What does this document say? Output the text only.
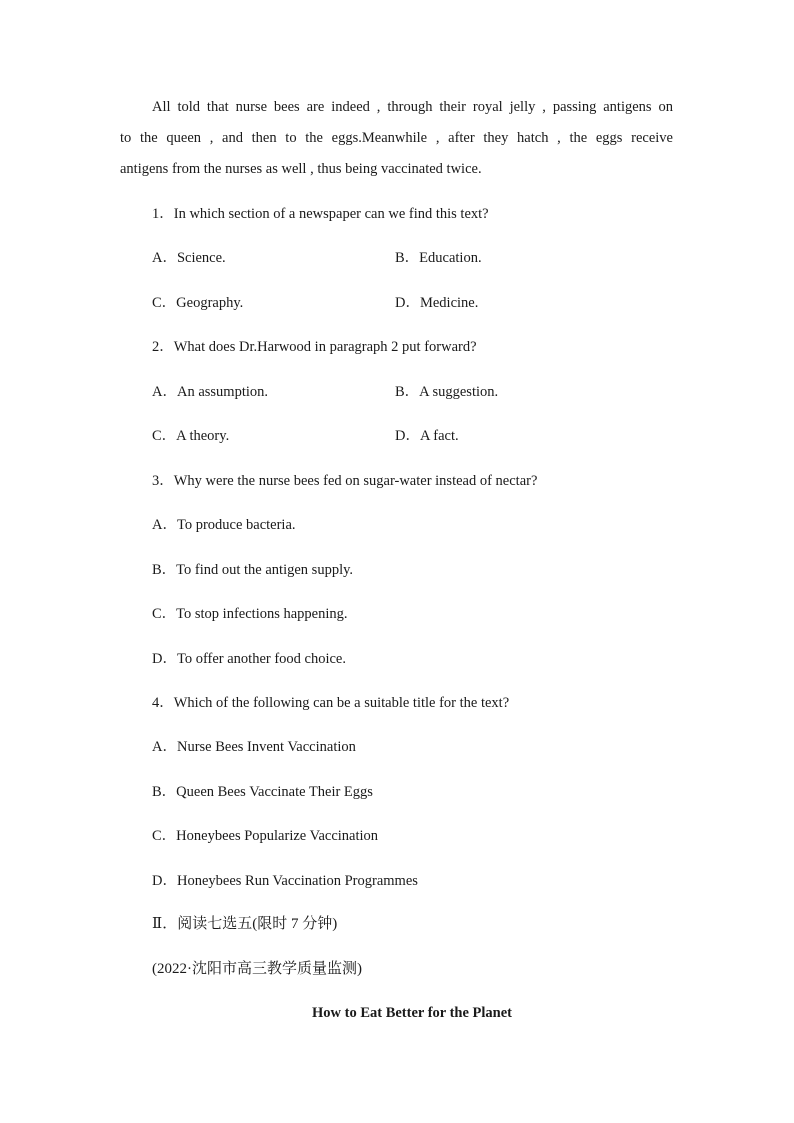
All told that nurse bees are indeed , through their royal jelly , passing antigens on
to the queen , and then to the eggs.Meanwhile , after they hatch , the eggs receive
antigens from the nurses as well , thus being vaccinated twice.
1．In which section of a newspaper can we find this text?
A．Science.	B．Education.
C．Geography.	D．Medicine.
2．What does Dr.Harwood in paragraph 2 put forward?
A．An assumption.	B．A suggestion.
C．A theory.	D．A fact.
3．Why were the nurse bees fed on sugar-water instead of nectar?
A．To produce bacteria.
B．To find out the antigen supply.
C．To stop infections happening.
D．To offer another food choice.
4．Which of the following can be a suitable title for the text?
A．Nurse Bees Invent Vaccination
B．Queen Bees Vaccinate Their Eggs
C．Honeybees Popularize Vaccination
D．Honeybees Run Vaccination Programmes
Ⅱ．阅读七选五(限时 7 分钟)
(2022·沈阳市高三教学质量监测)
How to Eat Better for the Planet
